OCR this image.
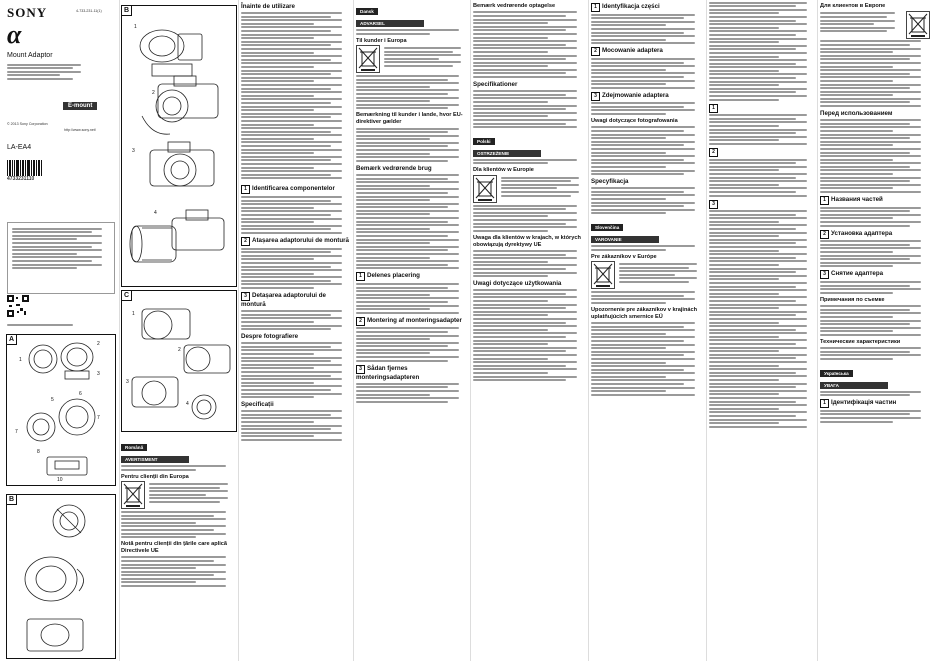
SONY	4-733-231-11(1)
α
Mount Adaptor
E-mount
© 2013 Sony Corporation
http://www.sony.net/
LA-EA4
4733231110
A
1
2
3
6
5
7
7
10
8
B
B
1
2
3
4
C
1
2
3
4
Română
AVERTISMENT
Pentru clienții din Europa
Notă pentru clienții din țările care aplică Directivele UE
Înainte de utilizare
1 Identificarea componentelor
2 Atașarea adaptorului de montură
3 Detașarea adaptorului de montură
Despre fotografiere
Specificații
Dansk
ADVARSEL
Til kunder i Europa
Bemærkning til kunder i lande, hvor EU-direktiver gælder
Bemærk vedrørende brug
1 Delenes placering
2 Montering af monteringsadapter
3 Sådan fjernes monteringsadapteren
Bemærk vedrørende optagelse
Specifikationer
Polski
OSTRZEŻENIE
Dla klientów w Europie
Uwaga dla klientów w krajach, w których obowiązują dyrektywy UE
Uwagi dotyczące użytkowania
1 Identyfikacja części
2 Mocowanie adaptera
3 Zdejmowanie adaptera
Uwagi dotyczące fotografowania
Specyfikacja
Slovenčina
VAROVANIE
Pre zákazníkov v Európe
Upozornenie pre zákazníkov v krajinách uplatňujúcich smernice EÚ
1
2
3
Для клиентов в Европе
Перед использованием
1 Названия частей
2 Установка адаптера
3 Снятие адаптера
Примечания по съемке
Технические характеристики
Українська
УВАГА
1 Ідентифікація частин
